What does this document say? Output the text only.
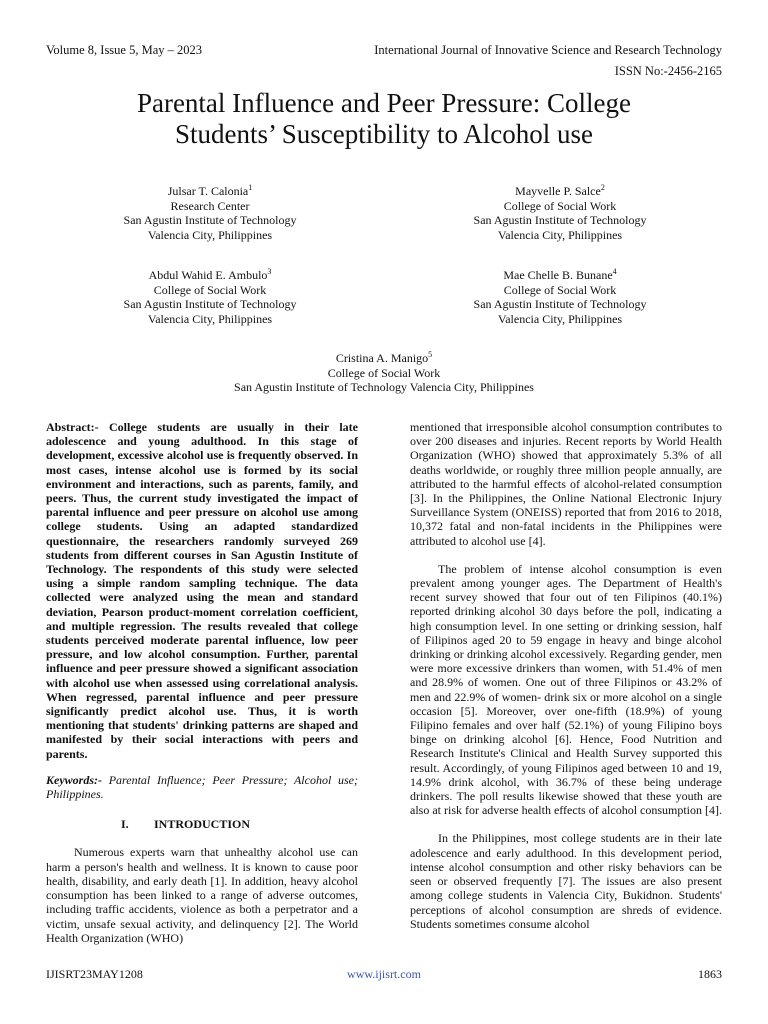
Volume 8, Issue 5, May – 2023	International Journal of Innovative Science and Research Technology
ISSN No:-2456-2165
Parental Influence and Peer Pressure: College
Students’ Susceptibility to Alcohol use
Julsar T. Calonia$^1$
Research Center
San Agustin Institute of Technology
Valencia City, Philippines
Mayvelle P. Salce$^2$
College of Social Work
San Agustin Institute of Technology
Valencia City, Philippines
Abdul Wahid E. Ambulo$^3$
College of Social Work
San Agustin Institute of Technology
Valencia City, Philippines
Mae Chelle B. Bunane$^4$
College of Social Work
San Agustin Institute of Technology
Valencia City, Philippines
Cristina A. Manigo$^5$
College of Social Work
San Agustin Institute of Technology Valencia City, Philippines

Abstract:- College students are usually in their late adolescence and young adulthood. In this stage of development, excessive alcohol use is frequently observed. In most cases, intense alcohol use is formed by its social environment and interactions, such as parents, family, and peers. Thus, the current study investigated the impact of parental influence and peer pressure on alcohol use among college students. Using an adapted standardized questionnaire, the researchers randomly surveyed 269 students from different courses in San Agustin Institute of Technology. The respondents of this study were selected using a simple random sampling technique. The data collected were analyzed using the mean and standard deviation, Pearson product-moment correlation coefficient, and multiple regression. The results revealed that college students perceived moderate parental influence, low peer pressure, and low alcohol consumption. Further, parental influence and peer pressure showed a significant association with alcohol use when assessed using correlational analysis. When regressed, parental influence and peer pressure significantly predict alcohol use. Thus, it is worth mentioning that students' drinking patterns are shaped and manifested by their social interactions with peers and parents.

Keywords:- Parental Influence; Peer Pressure; Alcohol use; Philippines.

I. INTRODUCTION

Numerous experts warn that unhealthy alcohol use can harm a person's health and wellness. It is known to cause poor health, disability, and early death [1]. In addition, heavy alcohol consumption has been linked to a range of adverse outcomes, including traffic accidents, violence as both a perpetrator and a victim, unsafe sexual activity, and delinquency [2]. The World Health Organization (WHO)

mentioned that irresponsible alcohol consumption contributes to over 200 diseases and injuries. Recent reports by World Health Organization (WHO) showed that approximately 5.3% of all deaths worldwide, or roughly three million people annually, are attributed to the harmful effects of alcohol-related consumption [3]. In the Philippines, the Online National Electronic Injury Surveillance System (ONEISS) reported that from 2016 to 2018, 10,372 fatal and non-fatal incidents in the Philippines were attributed to alcohol use [4].

The problem of intense alcohol consumption is even prevalent among younger ages. The Department of Health's recent survey showed that four out of ten Filipinos (40.1%) reported drinking alcohol 30 days before the poll, indicating a high consumption level. In one setting or drinking session, half of Filipinos aged 20 to 59 engage in heavy and binge alcohol drinking or drinking alcohol excessively. Regarding gender, men were more excessive drinkers than women, with 51.4% of men and 28.9% of women. One out of three Filipinos or 43.2% of men and 22.9% of women- drink six or more alcohol on a single occasion [5]. Moreover, over one-fifth (18.9%) of young Filipino females and over half (52.1%) of young Filipino boys binge on drinking alcohol [6]. Hence, Food Nutrition and Research Institute's Clinical and Health Survey supported this result. Accordingly, of young Filipinos aged between 10 and 19, 14.9% drink alcohol, with 36.7% of these being underage drinkers. The poll results likewise showed that these youth are also at risk for adverse health effects of alcohol consumption [4].

In the Philippines, most college students are in their late adolescence and early adulthood. In this development period, intense alcohol consumption and other risky behaviors can be seen or observed frequently [7]. The issues are also present among college students in Valencia City, Bukidnon. Students' perceptions of alcohol consumption are shreds of evidence. Students sometimes consume alcohol

IJISRT23MAY1208	www.ijisrt.com	1863
